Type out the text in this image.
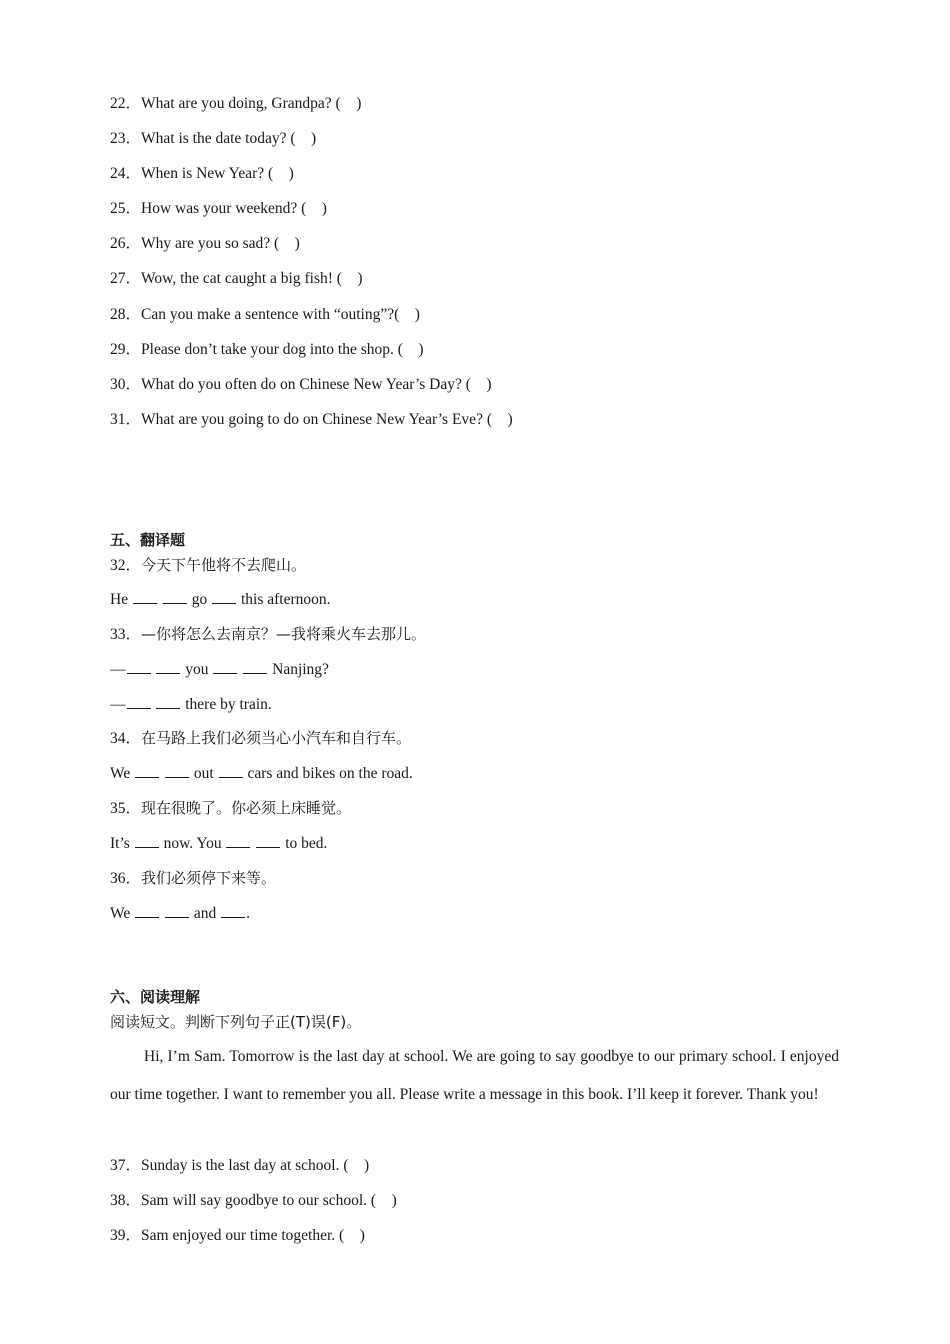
22．What are you doing, Grandpa? (    )
23．What is the date today? (    )
24．When is New Year? (    )
25．How was your weekend? (    )
26．Why are you so sad? (    )
27．Wow, the cat caught a big fish! (    )
28．Can you make a sentence with “outing”?(    )
29．Please don’t take your dog into the shop. (    )
30．What do you often do on Chinese New Year’s Day? (    )
31．What are you going to do on Chinese New Year’s Eve? (    )
五、翻译题
32．今天下午他将不去爬山。
He	go this afternoon.
33．—你将怎么去南京？—我将乘火车去那儿。
—	you	Nanjing?
—	there by train.
34．在马路上我们必须当心小汽车和自行车。
We	out cars and bikes on the road.
35．现在很晚了。你必须上床睡觉。
It’s now. You	to bed.
36．我们必须停下来等。
We	and .
六、阅读理解
阅读短文。判断下列句子正(T)误(F)。
Hi, I’m Sam. Tomorrow is the last day at school. We are going to say goodbye to our primary school. I enjoyed our time together. I want to remember you all. Please write a message in this book. I’ll keep it forever. Thank you!
37．Sunday is the last day at school. (    )
38．Sam will say goodbye to our school. (    )
39．Sam enjoyed our time together. (    )
